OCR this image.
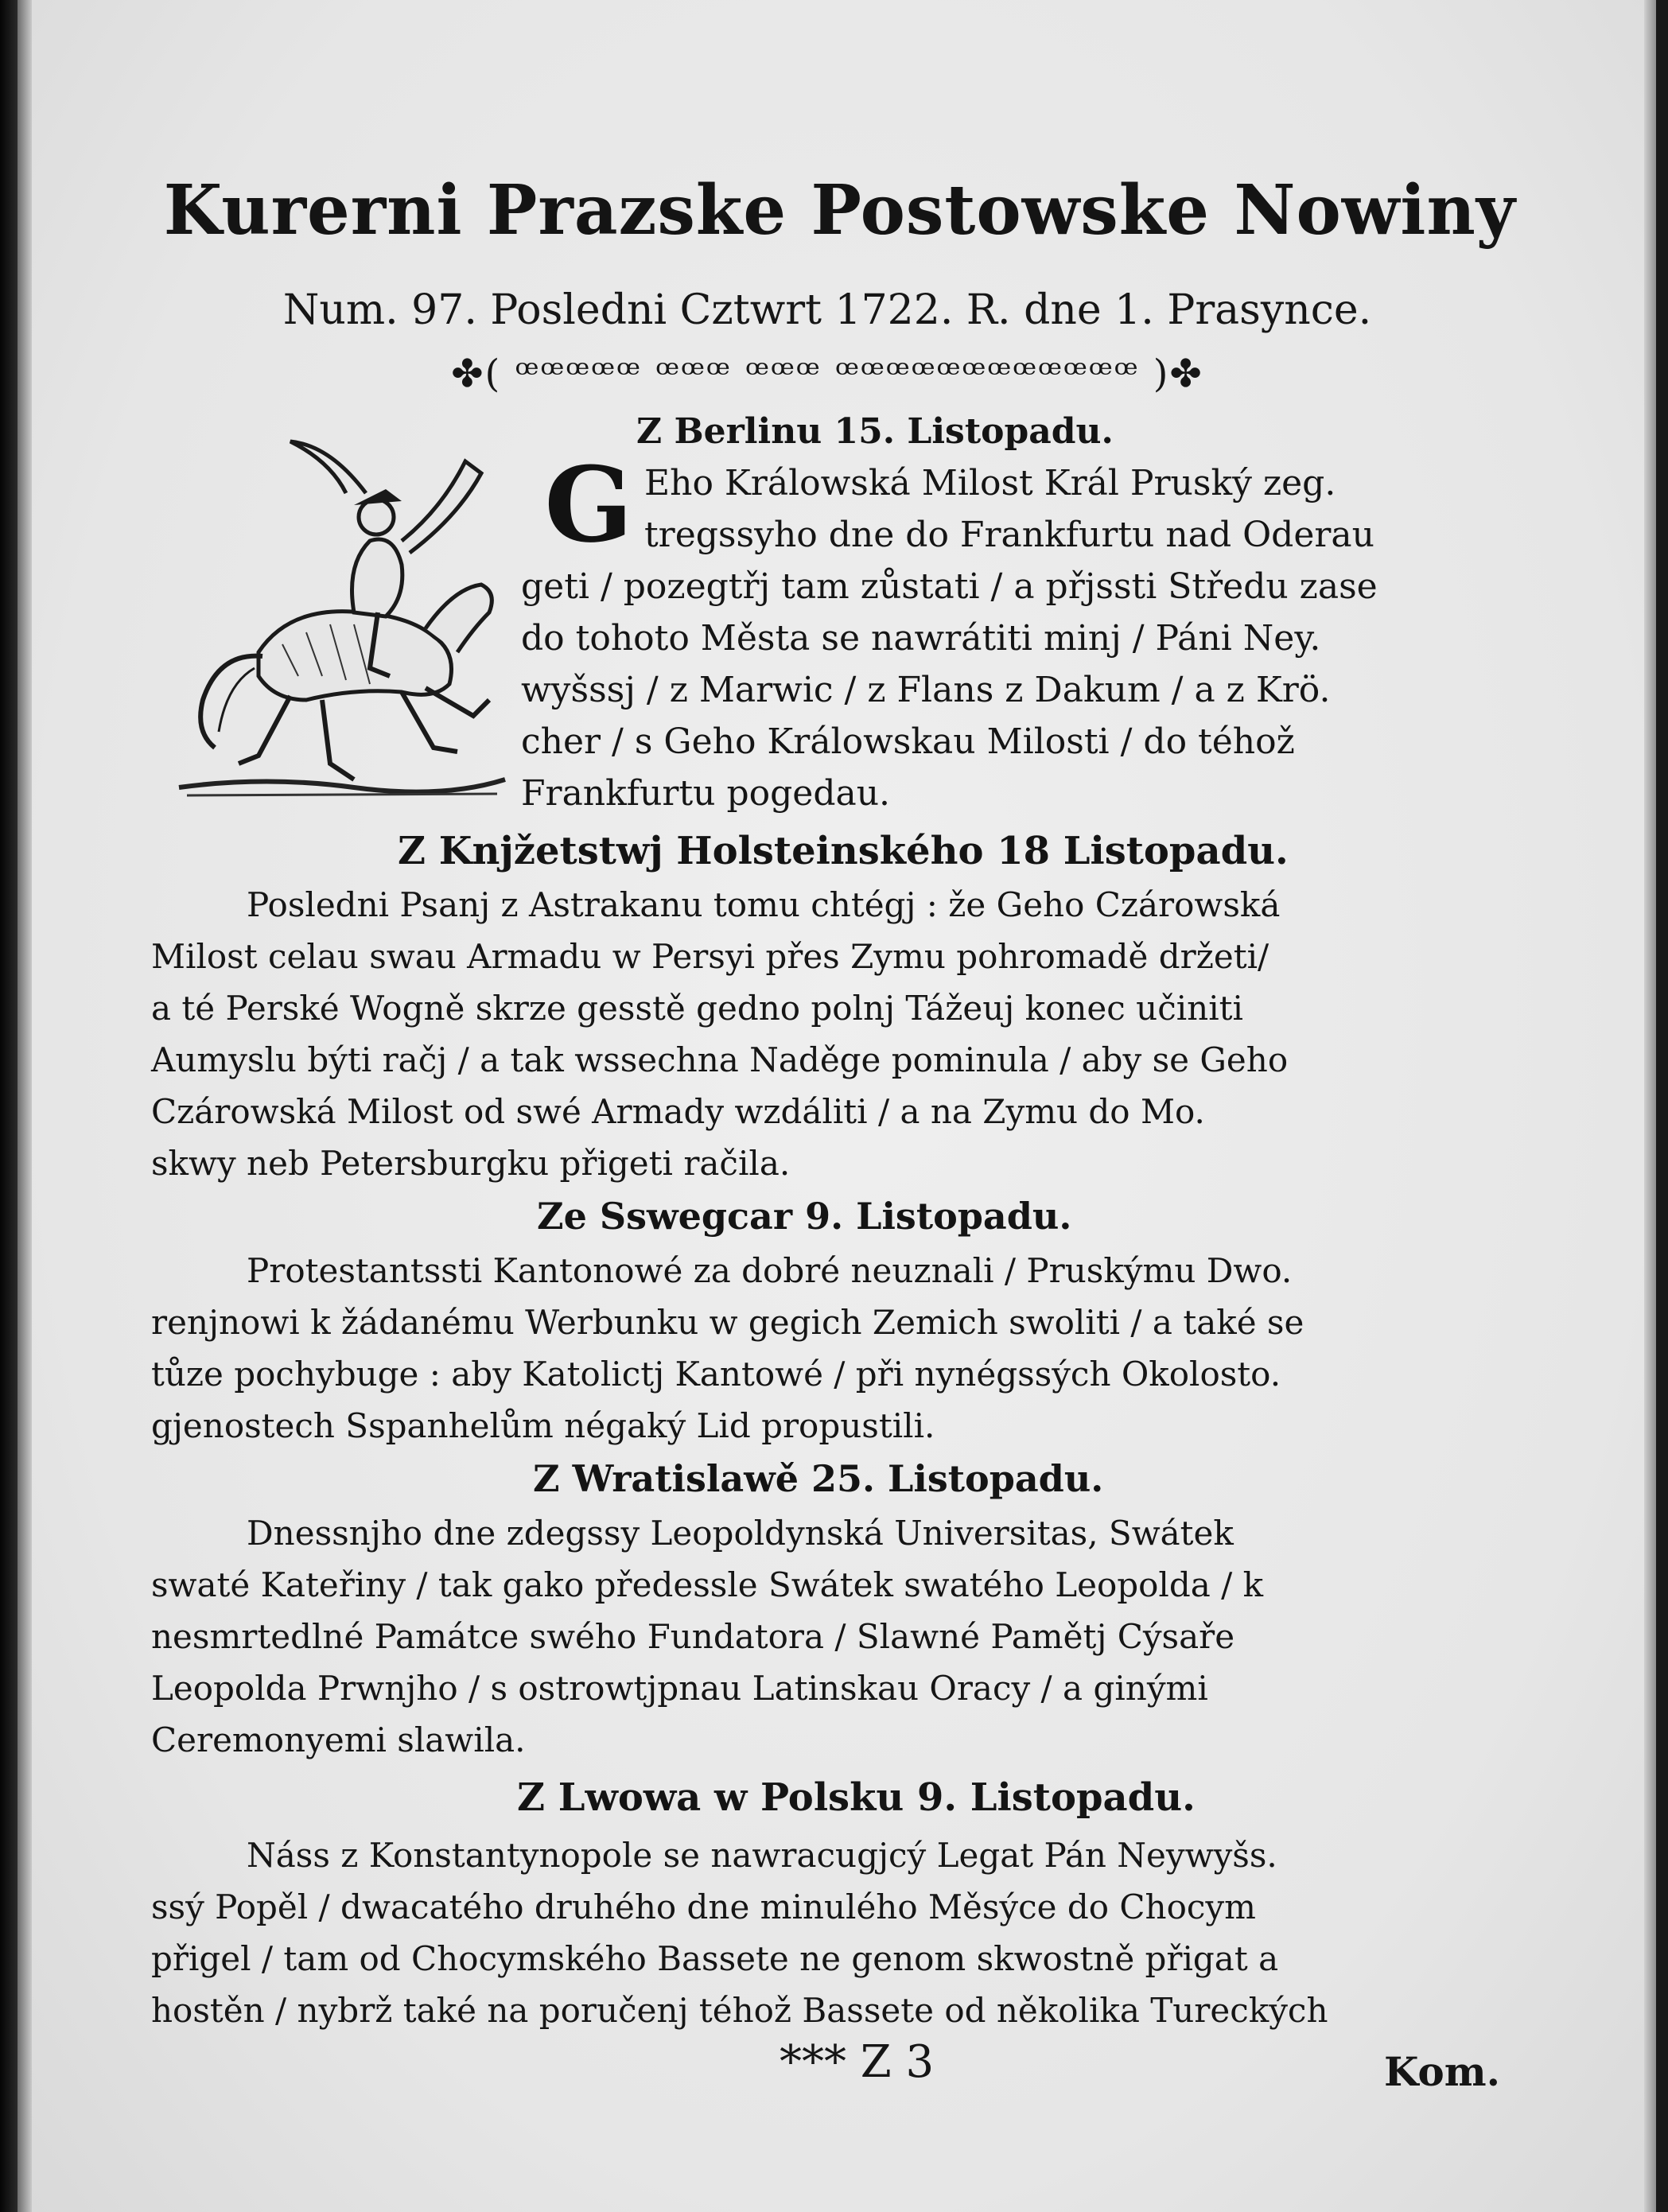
Kurerni Prazske Postowske Nowiny
Num. 97. Posledni Cztwrt 1722. R. dne 1. Prasynce.
✤( ꟹꟹꟹꟹꟹ ꟹꟹꟹ ꟹꟹꟹ ꟹꟹꟹꟹꟹꟹꟹꟹꟹꟹꟹꟹ )✤
Z Berlinu 15. Listopadu.
G Eho Králowská Milost Král Pruský zeg.
tregssyho dne do Frankfurtu nad Oderau
geti / pozegtřj tam zůstati / a přjssti Středu zase
do tohoto Města se nawrátiti minj / Páni Ney.
wyšssj / z Marwic / z Flans z Dakum / a z Krö.
cher / s Geho Králowskau Milosti / do téhož
Frankfurtu pogedau.
Z Knjžetstwj Holsteinského 18 Listopadu.
Posledni Psanj z Astrakanu tomu chtégj : že Geho Czárowská
Milost celau swau Armadu w Persyi přes Zymu pohromadě držeti/
a té Perské Wogně skrze gesstě gedno polnj Tážeuj konec učiniti
Aumyslu býti račj / a tak wssechna Naděge pominula / aby se Geho
Czárowská Milost od swé Armady wzdáliti / a na Zymu do Mo.
skwy neb Petersburgku přigeti račila.
Ze Sswegcar 9. Listopadu.
Protestantssti Kantonowé za dobré neuznali / Pruskýmu Dwo.
renjnowi k žádanému Werbunku w gegich Zemich swoliti / a také se
tůze pochybuge : aby Katolictj Kantowé / při nynégssých Okolosto.
gjenostech Sspanhelům négaký Lid propustili.
Z Wratislawě 25. Listopadu.
Dnessnjho dne zdegssy Leopoldynská Universitas, Swátek
swaté Kateřiny / tak gako předessle Swátek swatého Leopolda / k
nesmrtedlné Památce swého Fundatora / Slawné Pamětj Cýsaře
Leopolda Prwnjho / s ostrowtjpnau Latinskau Oracy / a ginými
Ceremonyemi slawila.
Z Lwowa w Polsku 9. Listopadu.
Náss z Konstantynopole se nawracugjcý Legat Pán Neywyšs.
ssý Popěl / dwacatého druhého dne minulého Měsýce do Chocym
přigel / tam od Chocymského Bassete ne genom skwostně přigat a
hostěn / nybrž také na poručenj téhož Bassete od několika Tureckých
*** Z 3	Kom.
